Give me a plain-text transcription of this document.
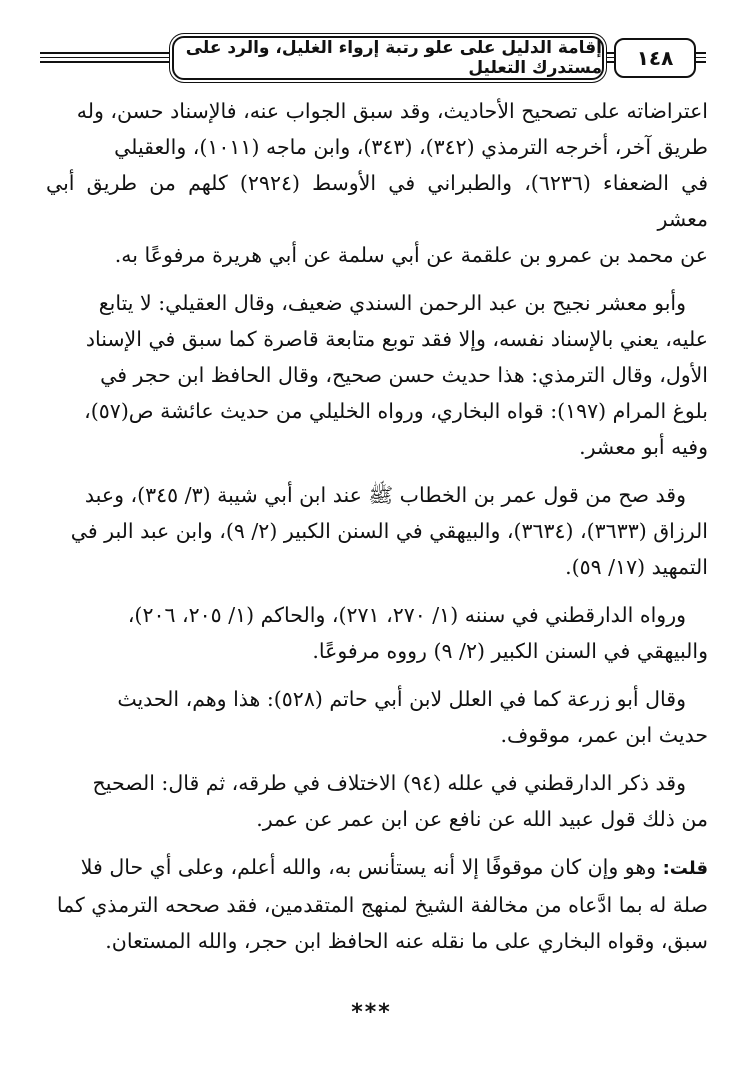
إقامة الدليل على علو رتبة إرواء الغليل، والرد على مستدرك التعليل	١٤٨

اعتراضاته على تصحيح الأحاديث، وقد سبق الجواب عنه، فالإسناد حسن، وله

طريق آخر، أخرجه الترمذي (٣٤٢)، (٣٤٣)، وابن ماجه (١٠١١)، والعقيلي

في الضعفاء (٦٢٣٦)، والطبراني في الأوسط (٢٩٢٤) كلهم من طريق أبي معشر

عن محمد بن عمرو بن علقمة عن أبي سلمة عن أبي هريرة مرفوعًا به.

وأبو معشر نجيح بن عبد الرحمن السندي ضعيف، وقال العقيلي: لا يتابع

عليه، يعني بالإسناد نفسه، وإلا فقد توبع متابعة قاصرة كما سبق في الإسناد

الأول، وقال الترمذي: هذا حديث حسن صحيح، وقال الحافظ ابن حجر في

بلوغ المرام (١٩٧): قواه البخاري، ورواه الخليلي من حديث عائشة ص(٥٧)،

وفيه أبو معشر.

وقد صح من قول عمر بن الخطاب ﷺ عند ابن أبي شيبة (٣/ ٣٤٥)، وعبد

الرزاق (٣٦٣٣)، (٣٦٣٤)، والبيهقي في السنن الكبير (٢/ ٩)، وابن عبد البر في

التمهيد (١٧/ ٥٩).

ورواه الدارقطني في سننه (١/ ٢٧٠، ٢٧١)، والحاكم (١/ ٢٠٥، ٢٠٦)،

والبيهقي في السنن الكبير (٢/ ٩) رووه مرفوعًا.

وقال أبو زرعة كما في العلل لابن أبي حاتم (٥٢٨): هذا وهم، الحديث

حديث ابن عمر، موقوف.

وقد ذكر الدارقطني في علله (٩٤) الاختلاف في طرقه، ثم قال: الصحيح

من ذلك قول عبيد الله عن نافع عن ابن عمر عن عمر.

قلت: وهو وإن كان موقوفًا إلا أنه يستأنس به، والله أعلم، وعلى أي حال فلا

صلة له بما ادَّعاه من مخالفة الشيخ لمنهج المتقدمين، فقد صححه الترمذي كما

سبق، وقواه البخاري على ما نقله عنه الحافظ ابن حجر، والله المستعان.

***
